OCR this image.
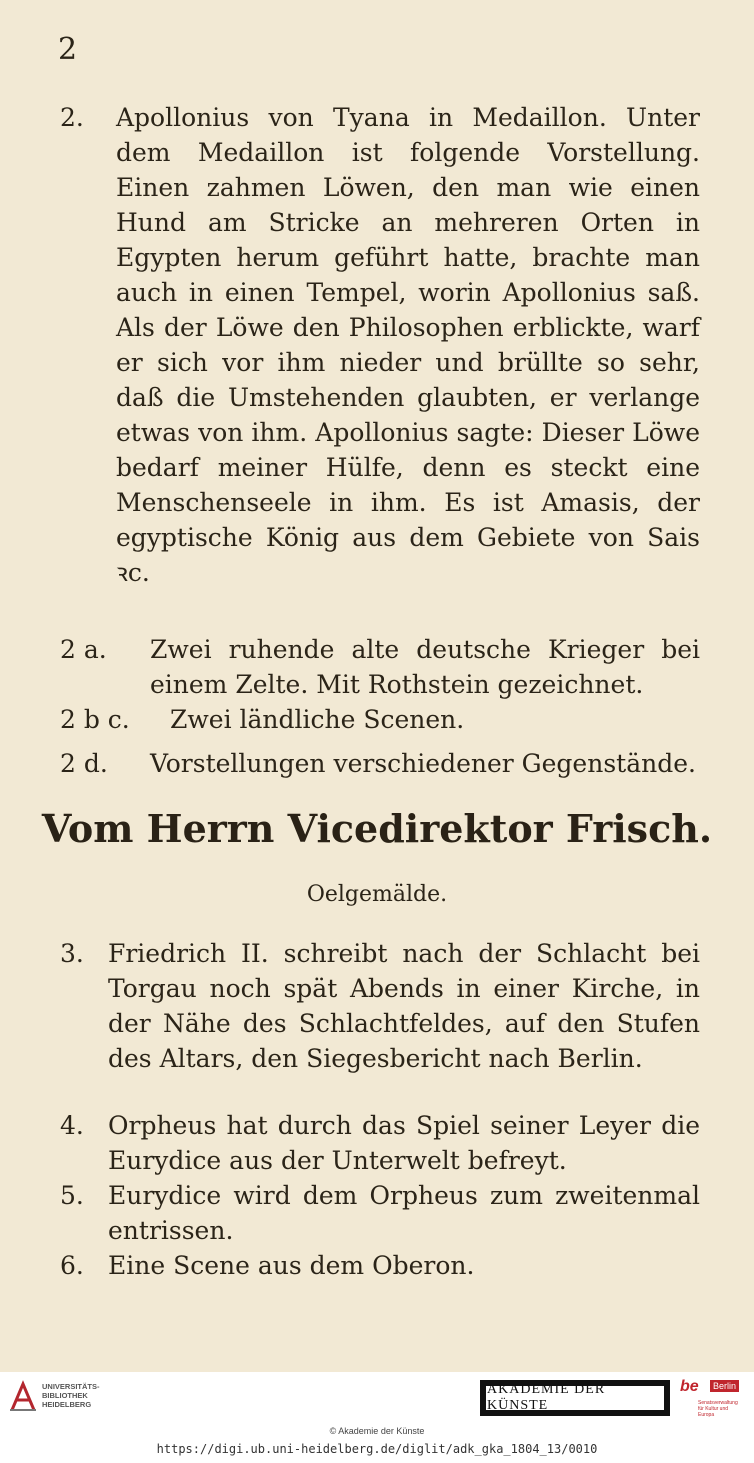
2
2. Apollonius von Tyana in Medaillon. Unter dem Medaillon ist folgende Vorstellung. Einen zahmen Löwen, den man wie einen Hund am Stricke an mehreren Orten in Egypten herum geführt hatte, brachte man auch in einen Tempel, worin Apollonius saß. Als der Löwe den Philosophen erblickte, warf er sich vor ihm nieder und brüllte so sehr, daß die Umstehenden glaubten, er verlange etwas von ihm. Apollonius sagte: Dieser Löwe bedarf meiner Hülfe, denn es steckt eine Menschenseele in ihm. Es ist Amasis, der egyptische König aus dem Gebiete von Sais ꝛc.
2 a. Zwei ruhende alte deutsche Krieger bei einem Zelte. Mit Rothstein gezeichnet.
2 b c. Zwei ländliche Scenen.
2 d. Vorstellungen verschiedener Gegenstände.
Vom Herrn Vicedirektor Frisch.
Oelgemälde.
3. Friedrich II. schreibt nach der Schlacht bei Torgau noch spät Abends in einer Kirche, in der Nähe des Schlachtfeldes, auf den Stufen des Altars, den Siegesbericht nach Berlin.
4. Orpheus hat durch das Spiel seiner Leyer die Eurydice aus der Unterwelt befreyt.
5. Eurydice wird dem Orpheus zum zweitenmal entrissen.
6. Eine Scene aus dem Oberon.
UNIVERSITÄTS- BIBLIOTHEK HEIDELBERG
AKADEMIE DER KÜNSTE
be	Berlin
Senatsverwaltung für Kultur und Europa
© Akademie der Künste
https://digi.ub.uni-heidelberg.de/diglit/adk_gka_1804_13/0010
